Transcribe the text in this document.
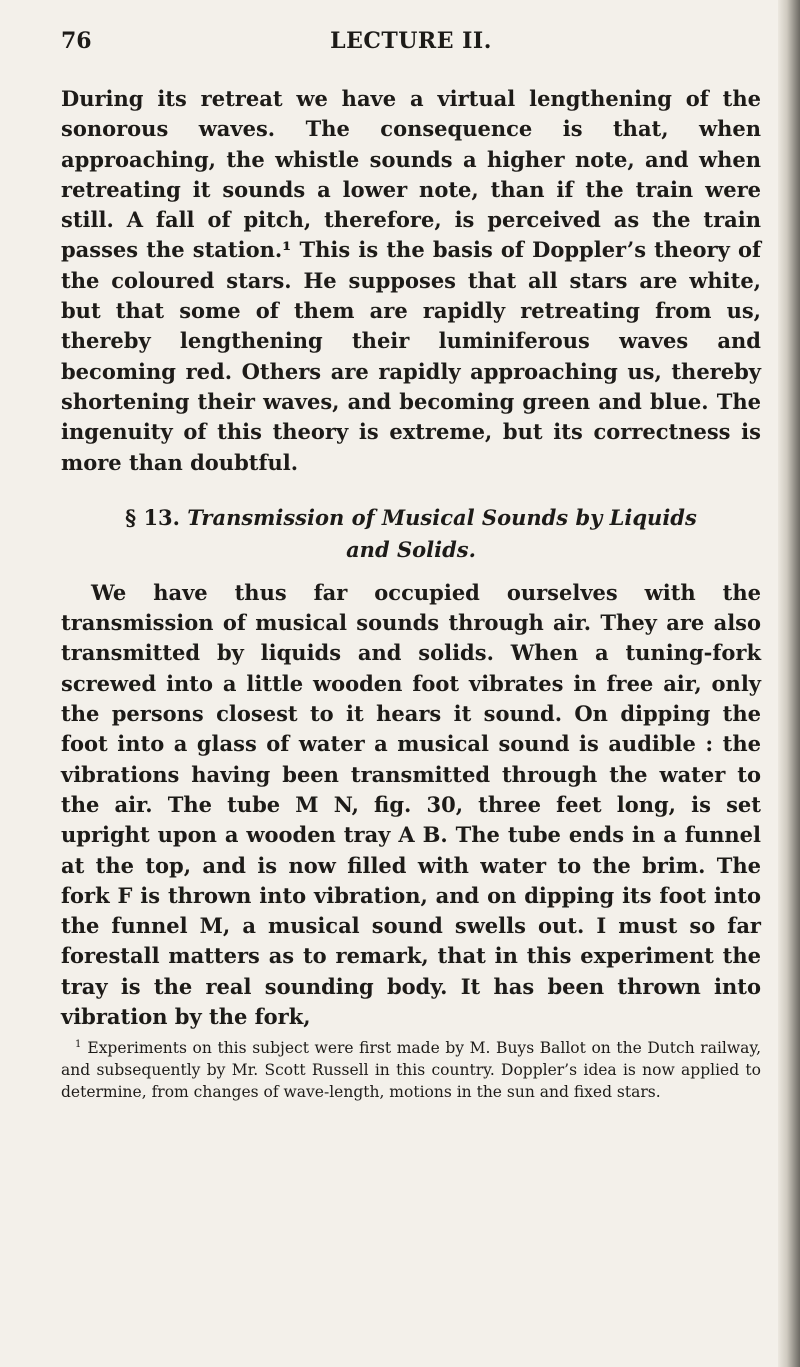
76	LECTURE II.

During its retreat we have a virtual lengthening of the sonorous waves. The consequence is that, when approaching, the whistle sounds a higher note, and when retreating it sounds a lower note, than if the train were still. A fall of pitch, therefore, is perceived as the train passes the station.¹ This is the basis of Doppler’s theory of the coloured stars. He supposes that all stars are white, but that some of them are rapidly retreating from us, thereby lengthening their luminiferous waves and becoming red. Others are rapidly approaching us, thereby shortening their waves, and becoming green and blue. The ingenuity of this theory is extreme, but its correctness is more than doubtful.

§ 13. Transmission of Musical Sounds by Liquids
and Solids.

We have thus far occupied ourselves with the transmission of musical sounds through air. They are also transmitted by liquids and solids. When a tuning-fork screwed into a little wooden foot vibrates in free air, only the persons closest to it hears it sound. On dipping the foot into a glass of water a musical sound is audible : the vibrations having been transmitted through the water to the air. The tube M N, fig. 30, three feet long, is set upright upon a wooden tray A B. The tube ends in a funnel at the top, and is now filled with water to the brim. The fork F is thrown into vibration, and on dipping its foot into the funnel M, a musical sound swells out. I must so far forestall matters as to remark, that in this experiment the tray is the real sounding body. It has been thrown into vibration by the fork,

$^1$ Experiments on this subject were first made by M. Buys Ballot on the Dutch railway, and subsequently by Mr. Scott Russell in this country. Doppler’s idea is now applied to determine, from changes of wave-length, motions in the sun and fixed stars.
